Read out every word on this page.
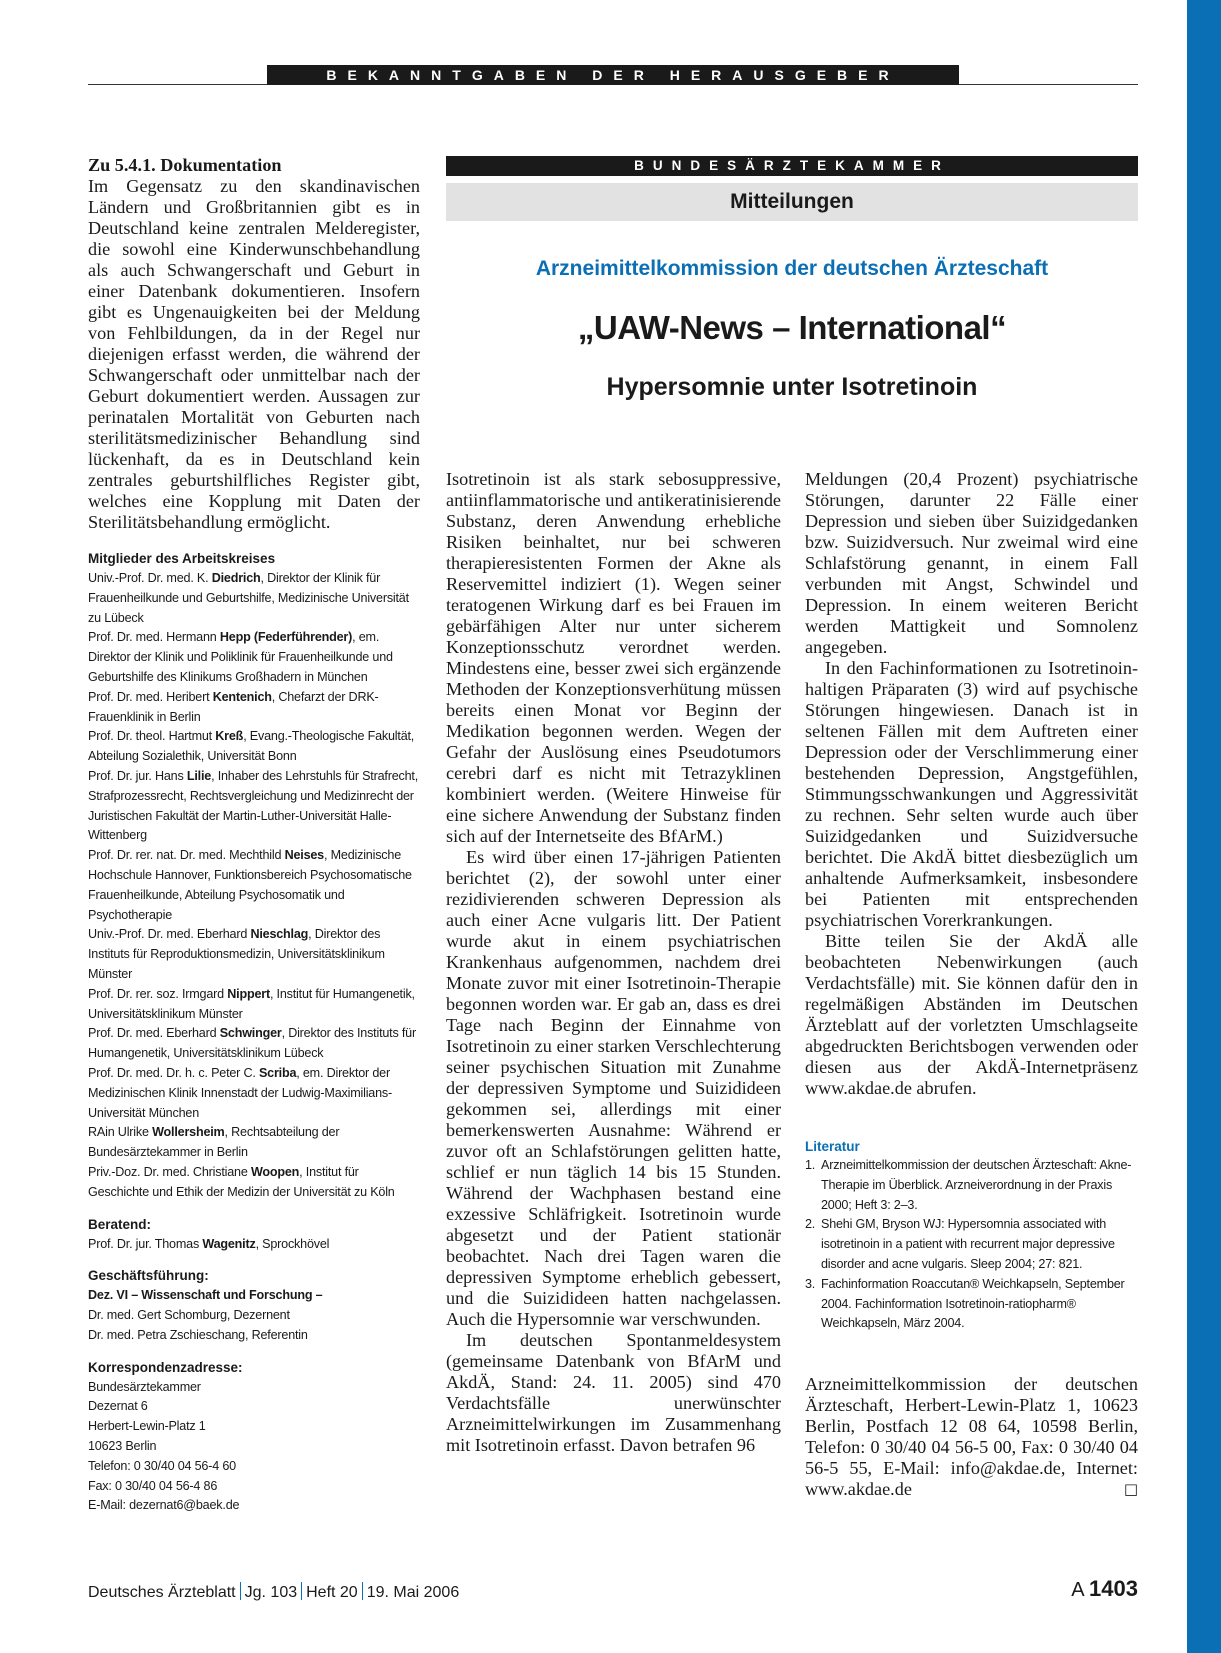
BEKANNTGABEN DER HERAUSGEBER
Zu 5.4.1. Dokumentation
Im Gegensatz zu den skandinavischen Ländern und Großbritannien gibt es in Deutschland keine zentralen Melderegister, die sowohl eine Kinderwunschbehandlung als auch Schwangerschaft und Geburt in einer Datenbank dokumentieren. Insofern gibt es Ungenauigkeiten bei der Meldung von Fehlbildungen, da in der Regel nur diejenigen erfasst werden, die während der Schwangerschaft oder unmittelbar nach der Geburt dokumentiert werden. Aussagen zur perinatalen Mortalität von Geburten nach sterilitätsmedizinischer Behandlung sind lückenhaft, da es in Deutschland kein zentrales geburtshilfliches Register gibt, welches eine Kopplung mit Daten der Sterilitätsbehandlung ermöglicht.
Mitglieder des Arbeitskreises
Univ.-Prof. Dr. med. K. Diedrich, Direktor der Klinik für Frauenheilkunde und Geburtshilfe, Medizinische Universität zu Lübeck
Prof. Dr. med. Hermann Hepp (Federführender), em. Direktor der Klinik und Poliklinik für Frauenheilkunde und Geburtshilfe des Klinikums Großhadern in München
Prof. Dr. med. Heribert Kentenich, Chefarzt der DRK-Frauenklinik in Berlin
Prof. Dr. theol. Hartmut Kreß, Evang.-Theologische Fakultät, Abteilung Sozialethik, Universität Bonn
Prof. Dr. jur. Hans Lilie, Inhaber des Lehrstuhls für Strafrecht, Strafprozessrecht, Rechtsvergleichung und Medizinrecht der Juristischen Fakultät der Martin-Luther-Universität Halle-Wittenberg
Prof. Dr. rer. nat. Dr. med. Mechthild Neises, Medizinische Hochschule Hannover, Funktionsbereich Psychosomatische Frauenheilkunde, Abteilung Psychosomatik und Psychotherapie
Univ.-Prof. Dr. med. Eberhard Nieschlag, Direktor des Instituts für Reproduktionsmedizin, Universitätsklinikum Münster
Prof. Dr. rer. soz. Irmgard Nippert, Institut für Humangenetik, Universitätsklinikum Münster
Prof. Dr. med. Eberhard Schwinger, Direktor des Instituts für Humangenetik, Universitätsklinikum Lübeck
Prof. Dr. med. Dr. h. c. Peter C. Scriba, em. Direktor der Medizinischen Klinik Innenstadt der Ludwig-Maximilians-Universität München
RAin Ulrike Wollersheim, Rechtsabteilung der Bundesärztekammer in Berlin
Priv.-Doz. Dr. med. Christiane Woopen, Institut für Geschichte und Ethik der Medizin der Universität zu Köln
Beratend:
Prof. Dr. jur. Thomas Wagenitz, Sprockhövel
Geschäftsführung:
Dez. VI – Wissenschaft und Forschung –
Dr. med. Gert Schomburg, Dezernent
Dr. med. Petra Zschieschang, Referentin
Korrespondenzadresse:
Bundesärztekammer
Dezernat 6
Herbert-Lewin-Platz 1
10623 Berlin
Telefon: 0 30/40 04 56-4 60
Fax: 0 30/40 04 56-4 86
E-Mail: dezernat6@baek.de
BUNDESÄRZTEKAMMER
Mitteilungen
Arzneimittelkommission der deutschen Ärzteschaft
„UAW-News – International“
Hypersomnie unter Isotretinoin
Isotretinoin ist als stark sebosuppressive, antiinflammatorische und antikeratinisierende Substanz, deren Anwendung erhebliche Risiken beinhaltet, nur bei schweren therapieresistenten Formen der Akne als Reservemittel indiziert (1). Wegen seiner teratogenen Wirkung darf es bei Frauen im gebärfähigen Alter nur unter sicherem Konzeptionsschutz verordnet werden. Mindestens eine, besser zwei sich ergänzende Methoden der Konzeptionsverhütung müssen bereits einen Monat vor Beginn der Medikation begonnen werden. Wegen der Gefahr der Auslösung eines Pseudotumors cerebri darf es nicht mit Tetrazyklinen kombiniert werden. (Weitere Hinweise für eine sichere Anwendung der Substanz finden sich auf der Internetseite des BfArM.)
Es wird über einen 17-jährigen Patienten berichtet (2), der sowohl unter einer rezidivierenden schweren Depression als auch einer Acne vulgaris litt. Der Patient wurde akut in einem psychiatrischen Krankenhaus aufgenommen, nachdem drei Monate zuvor mit einer Isotretinoin-Therapie begonnen worden war. Er gab an, dass es drei Tage nach Beginn der Einnahme von Isotretinoin zu einer starken Verschlechterung seiner psychischen Situation mit Zunahme der depressiven Symptome und Suizidideen gekommen sei, allerdings mit einer bemerkenswerten Ausnahme: Während er zuvor oft an Schlafstörungen gelitten hatte, schlief er nun täglich 14 bis 15 Stunden. Während der Wachphasen bestand eine exzessive Schläfrigkeit. Isotretinoin wurde abgesetzt und der Patient stationär beobachtet. Nach drei Tagen waren die depressiven Symptome erheblich gebessert, und die Suizidideen hatten nachgelassen. Auch die Hypersomnie war verschwunden.
Im deutschen Spontanmeldesystem (gemeinsame Datenbank von BfArM und AkdÄ, Stand: 24. 11. 2005) sind 470 Verdachtsfälle unerwünschter Arzneimittelwirkungen im Zusammenhang mit Isotretinoin erfasst. Davon betrafen 96
Meldungen (20,4 Prozent) psychiatrische Störungen, darunter 22 Fälle einer Depression und sieben über Suizidgedanken bzw. Suizidversuch. Nur zweimal wird eine Schlafstörung genannt, in einem Fall verbunden mit Angst, Schwindel und Depression. In einem weiteren Bericht werden Mattigkeit und Somnolenz angegeben.
In den Fachinformationen zu Isotretinoin-haltigen Präparaten (3) wird auf psychische Störungen hingewiesen. Danach ist in seltenen Fällen mit dem Auftreten einer Depression oder der Verschlimmerung einer bestehenden Depression, Angstgefühlen, Stimmungsschwankungen und Aggressivität zu rechnen. Sehr selten wurde auch über Suizidgedanken und Suizidversuche berichtet. Die AkdÄ bittet diesbezüglich um anhaltende Aufmerksamkeit, insbesondere bei Patienten mit entsprechenden psychiatrischen Vorerkrankungen.
Bitte teilen Sie der AkdÄ alle beobachteten Nebenwirkungen (auch Verdachtsfälle) mit. Sie können dafür den in regelmäßigen Abständen im Deutschen Ärzteblatt auf der vorletzten Umschlagseite abgedruckten Berichtsbogen verwenden oder diesen aus der AkdÄ-Internetpräsenz www.akdae.de abrufen.
Literatur
1. Arzneimittelkommission der deutschen Ärzteschaft: Akne-Therapie im Überblick. Arzneiverordnung in der Praxis 2000; Heft 3: 2–3.
2. Shehi GM, Bryson WJ: Hypersomnia associated with isotretinoin in a patient with recurrent major depressive disorder and acne vulgaris. Sleep 2004; 27: 821.
3. Fachinformation Roaccutan® Weichkapseln, September 2004. Fachinformation Isotretinoin-ratiopharm® Weichkapseln, März 2004.
Arzneimittelkommission der deutschen Ärzteschaft, Herbert-Lewin-Platz 1, 10623 Berlin, Postfach 12 08 64, 10598 Berlin, Telefon: 0 30/40 04 56-5 00, Fax: 0 30/40 04 56-5 55, E-Mail: info@akdae.de, Internet: www.akdae.de	□
Deutsches Ärzteblatt Jg. 103 Heft 20 19. Mai 2006	A 1403
